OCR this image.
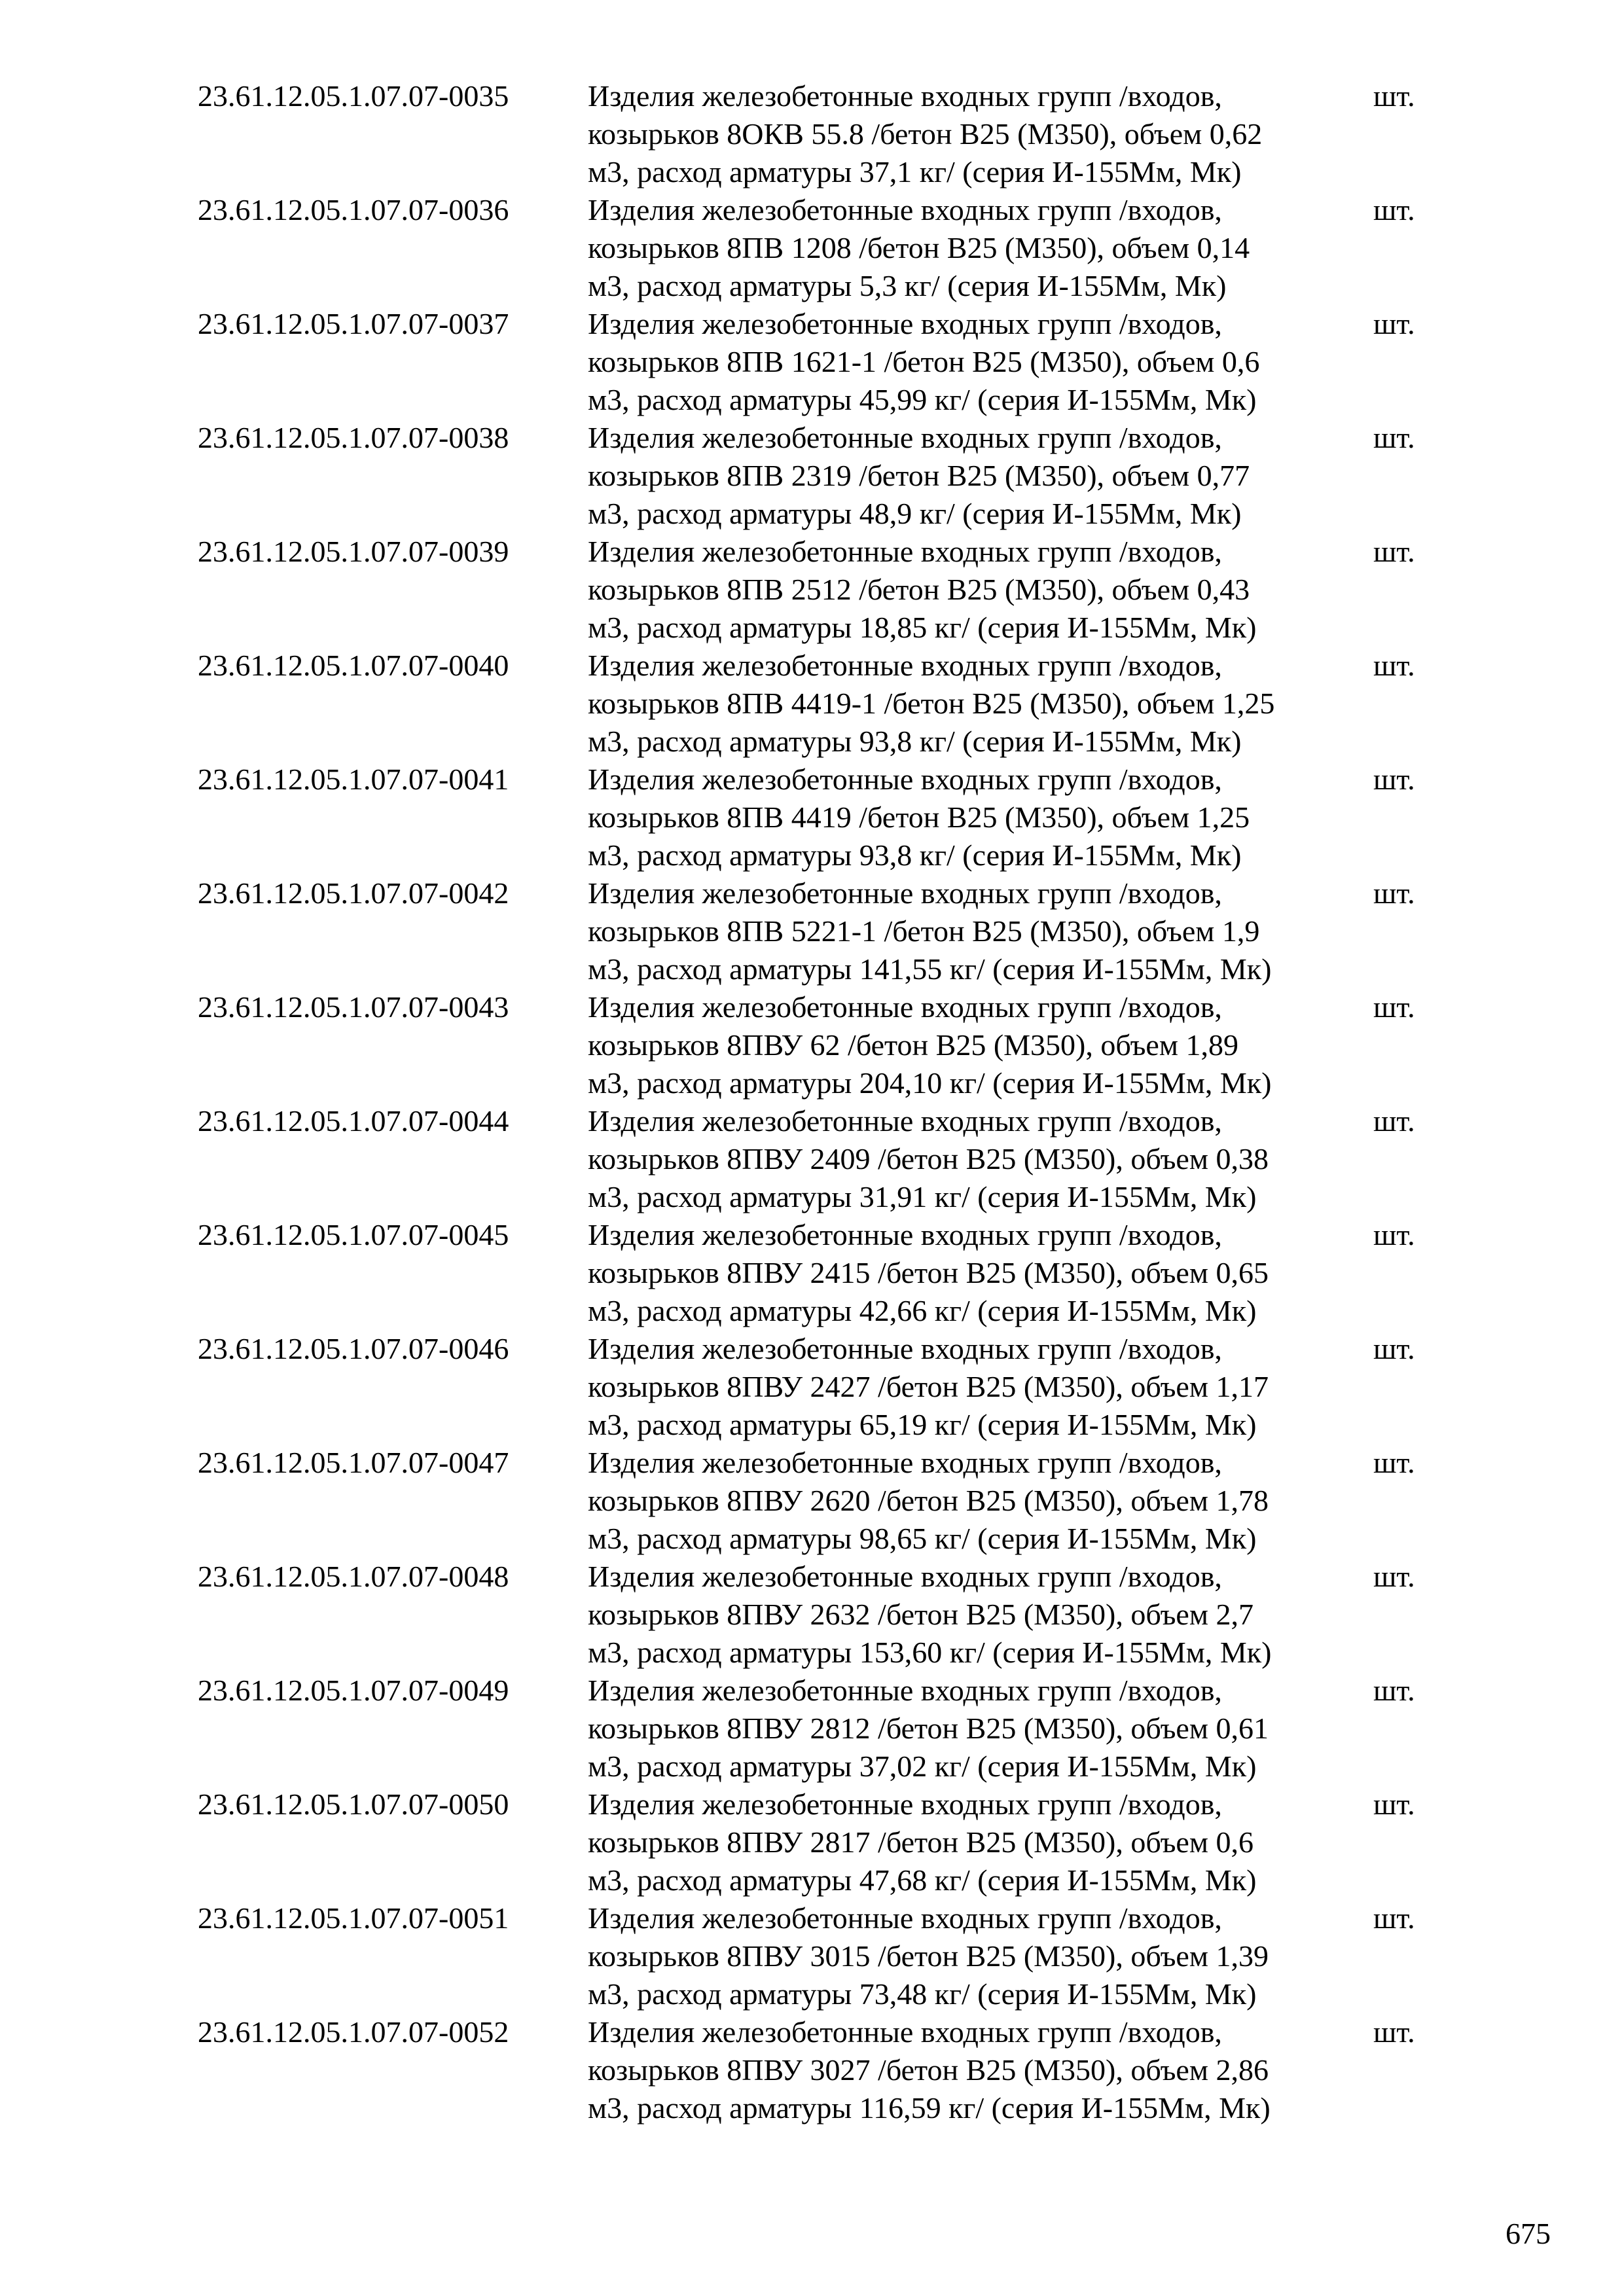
23.61.12.05.1.07.07-0035	Изделия железобетонные входных групп /входов,
козырьков 8ОКВ 55.8 /бетон В25 (М350), объем 0,62
м3, расход арматуры 37,1 кг/ (серия И-155Мм, Мк)
шт.
23.61.12.05.1.07.07-0036	Изделия железобетонные входных групп /входов,
козырьков 8ПВ 1208 /бетон В25 (М350), объем 0,14
м3, расход арматуры 5,3 кг/ (серия И-155Мм, Мк)
шт.
23.61.12.05.1.07.07-0037	Изделия железобетонные входных групп /входов,
козырьков 8ПВ 1621-1 /бетон В25 (М350), объем 0,6
м3, расход арматуры 45,99 кг/ (серия И-155Мм, Мк)
шт.
23.61.12.05.1.07.07-0038	Изделия железобетонные входных групп /входов,
козырьков 8ПВ 2319 /бетон В25 (М350), объем 0,77
м3, расход арматуры 48,9 кг/ (серия И-155Мм, Мк)
шт.
23.61.12.05.1.07.07-0039	Изделия железобетонные входных групп /входов,
козырьков 8ПВ 2512 /бетон В25 (М350), объем 0,43
м3, расход арматуры 18,85 кг/ (серия И-155Мм, Мк)
шт.
23.61.12.05.1.07.07-0040	Изделия железобетонные входных групп /входов,
козырьков 8ПВ 4419-1 /бетон В25 (М350), объем 1,25
м3, расход арматуры 93,8 кг/ (серия И-155Мм, Мк)
шт.
23.61.12.05.1.07.07-0041	Изделия железобетонные входных групп /входов,
козырьков 8ПВ 4419 /бетон В25 (М350), объем 1,25
м3, расход арматуры 93,8 кг/ (серия И-155Мм, Мк)
шт.
23.61.12.05.1.07.07-0042	Изделия железобетонные входных групп /входов,
козырьков 8ПВ 5221-1 /бетон В25 (М350), объем 1,9
м3, расход арматуры 141,55 кг/ (серия И-155Мм, Мк)
шт.
23.61.12.05.1.07.07-0043	Изделия железобетонные входных групп /входов,
козырьков 8ПВУ 62 /бетон В25 (М350), объем 1,89
м3, расход арматуры 204,10 кг/ (серия И-155Мм, Мк)
шт.
23.61.12.05.1.07.07-0044	Изделия железобетонные входных групп /входов,
козырьков 8ПВУ 2409 /бетон В25 (М350), объем 0,38
м3, расход арматуры 31,91 кг/ (серия И-155Мм, Мк)
шт.
23.61.12.05.1.07.07-0045	Изделия железобетонные входных групп /входов,
козырьков 8ПВУ 2415 /бетон В25 (М350), объем 0,65
м3, расход арматуры 42,66 кг/ (серия И-155Мм, Мк)
шт.
23.61.12.05.1.07.07-0046	Изделия железобетонные входных групп /входов,
козырьков 8ПВУ 2427 /бетон В25 (М350), объем 1,17
м3, расход арматуры 65,19 кг/ (серия И-155Мм, Мк)
шт.
23.61.12.05.1.07.07-0047	Изделия железобетонные входных групп /входов,
козырьков 8ПВУ 2620 /бетон В25 (М350), объем 1,78
м3, расход арматуры 98,65 кг/ (серия И-155Мм, Мк)
шт.
23.61.12.05.1.07.07-0048	Изделия железобетонные входных групп /входов,
козырьков 8ПВУ 2632 /бетон В25 (М350), объем 2,7
м3, расход арматуры 153,60 кг/ (серия И-155Мм, Мк)
шт.
23.61.12.05.1.07.07-0049	Изделия железобетонные входных групп /входов,
козырьков 8ПВУ 2812 /бетон В25 (М350), объем 0,61
м3, расход арматуры 37,02 кг/ (серия И-155Мм, Мк)
шт.
23.61.12.05.1.07.07-0050	Изделия железобетонные входных групп /входов,
козырьков 8ПВУ 2817 /бетон В25 (М350), объем 0,6
м3, расход арматуры 47,68 кг/ (серия И-155Мм, Мк)
шт.
23.61.12.05.1.07.07-0051	Изделия железобетонные входных групп /входов,
козырьков 8ПВУ 3015 /бетон В25 (М350), объем 1,39
м3, расход арматуры 73,48 кг/ (серия И-155Мм, Мк)
шт.
23.61.12.05.1.07.07-0052	Изделия железобетонные входных групп /входов,
козырьков 8ПВУ 3027 /бетон В25 (М350), объем 2,86
м3, расход арматуры 116,59 кг/ (серия И-155Мм, Мк)
шт.
675
